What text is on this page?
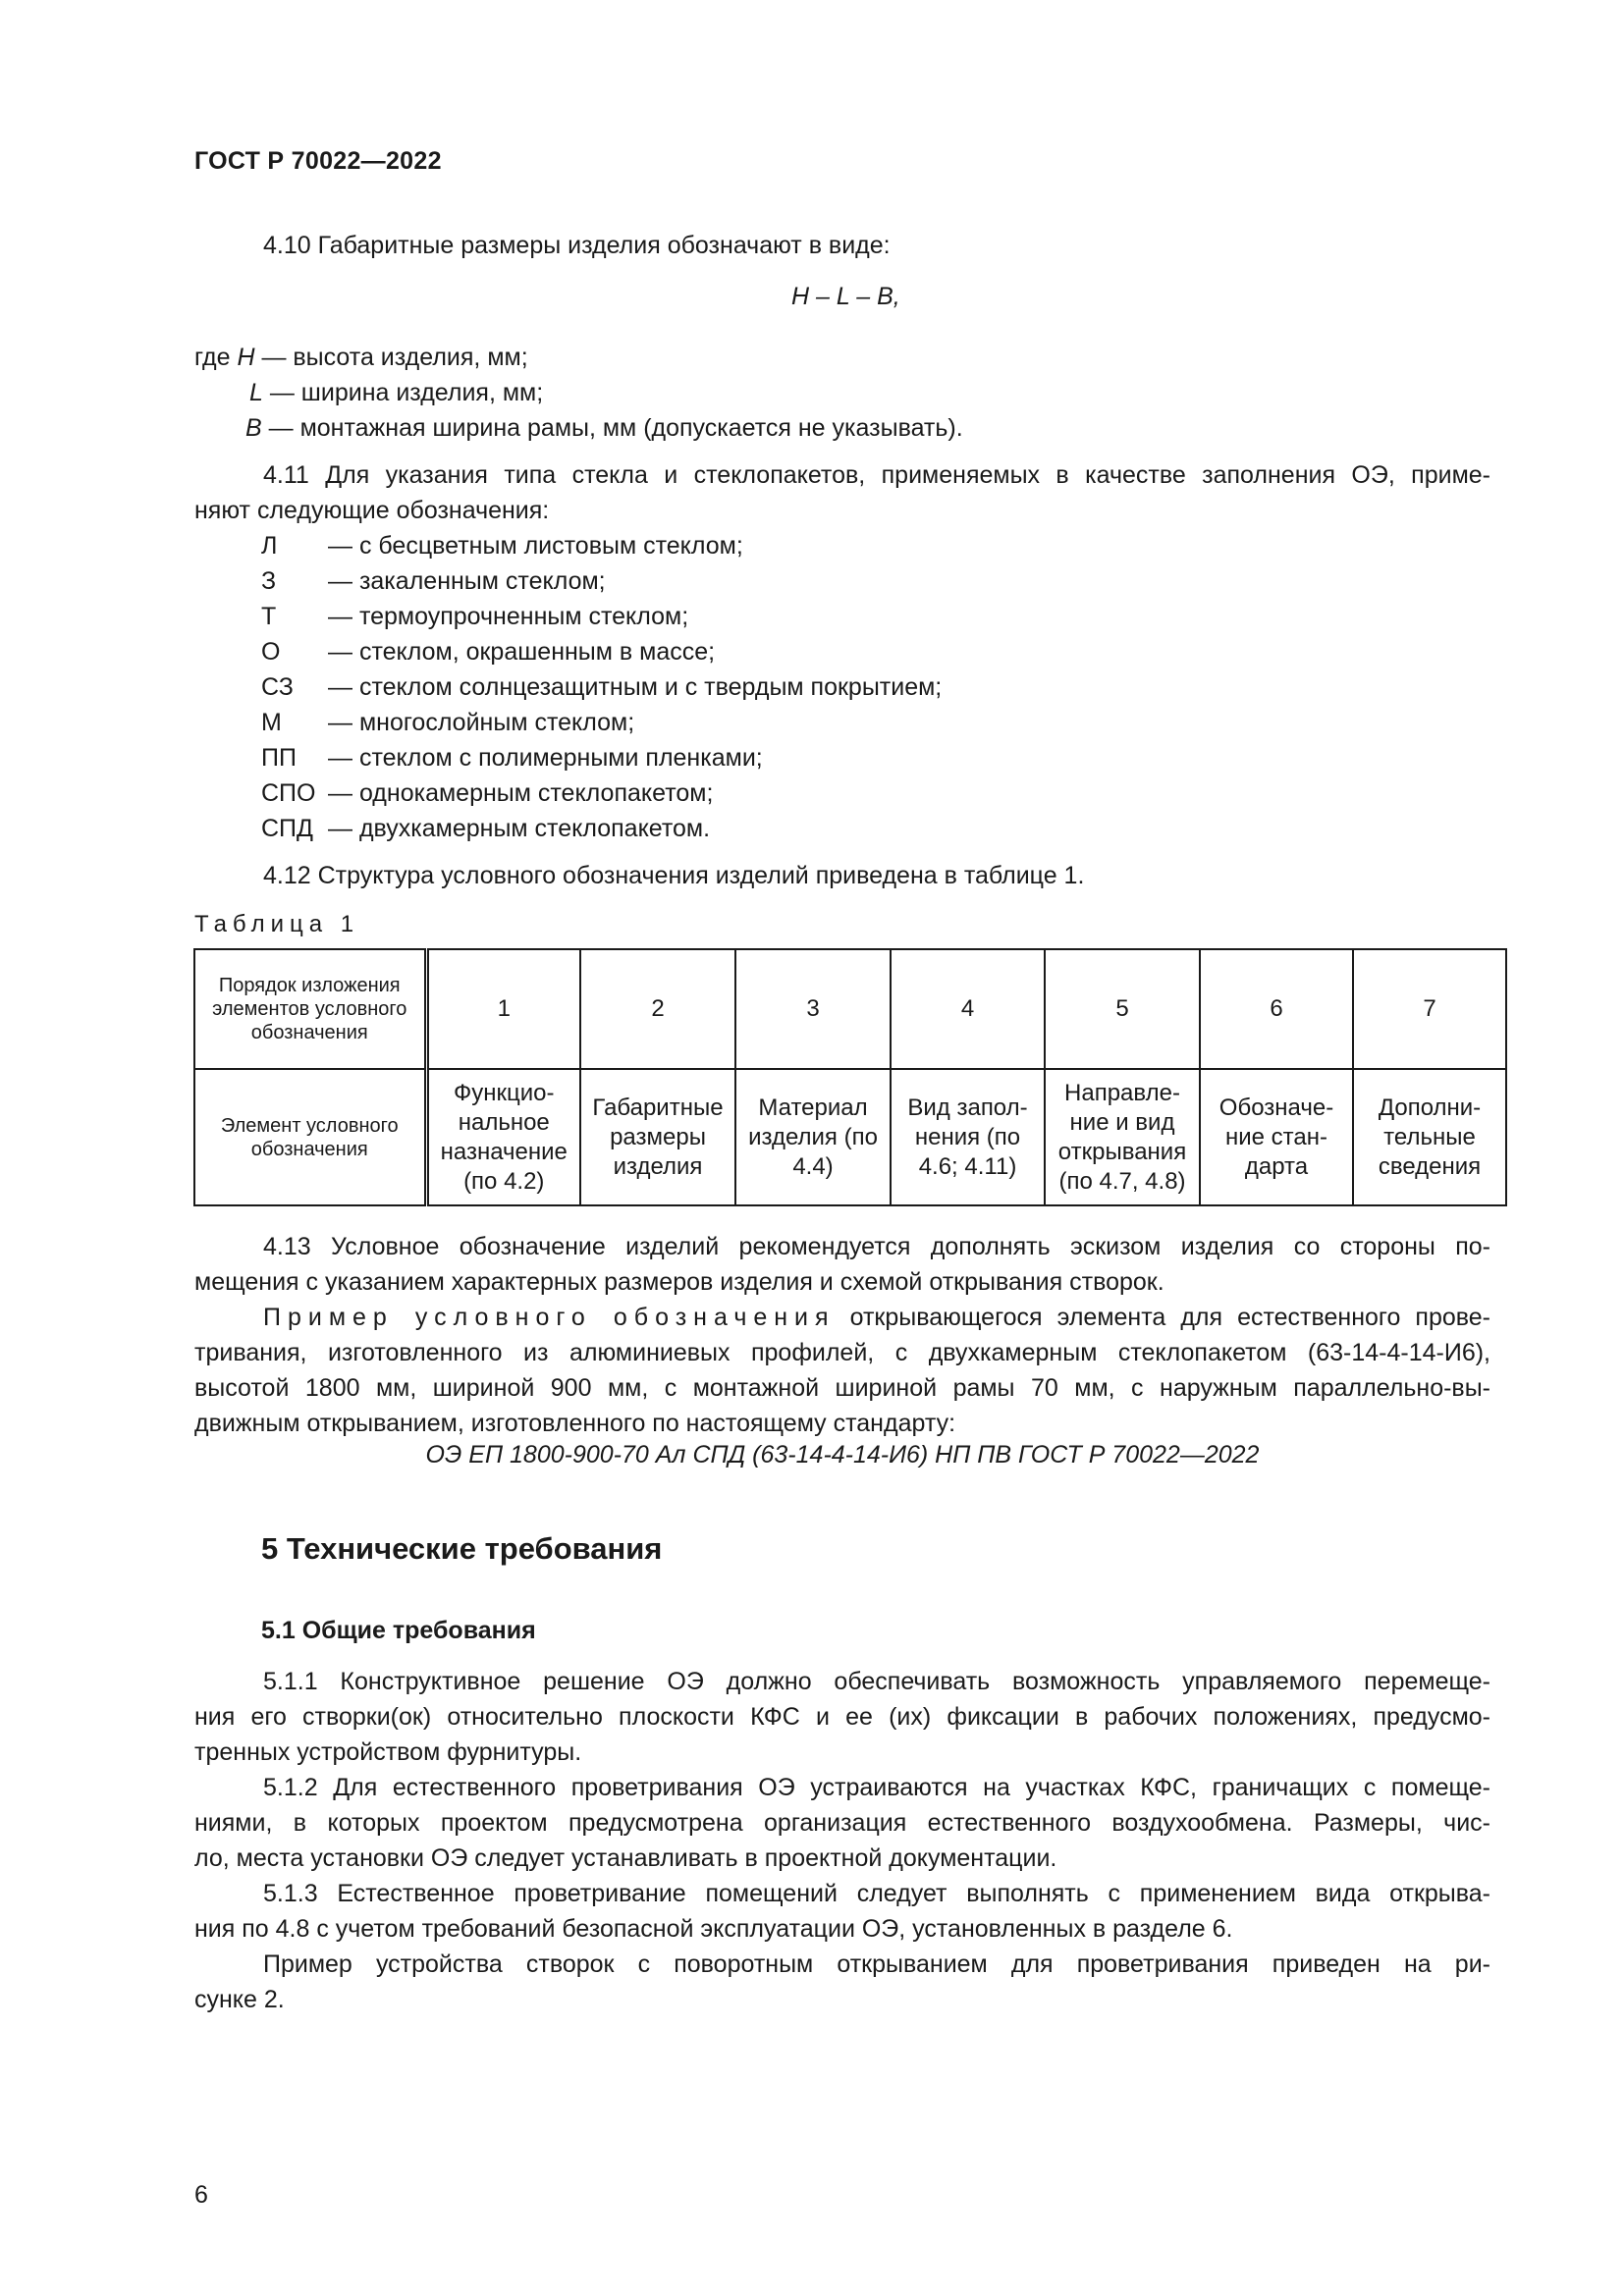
ГОСТ Р 70022—2022
4.10 Габаритные размеры изделия обозначают в виде:
H – L – B,
где H — высота изделия, мм;
L — ширина изделия, мм;
B — монтажная ширина рамы, мм (допускается не указывать).

4.11 Для указания типа стекла и стеклопакетов, применяемых в качестве заполнения ОЭ, приме-

няют следующие обозначения:

Л — с бесцветным листовым стеклом;
З — закаленным стеклом;
Т — термоупрочненным стеклом;
О — стеклом, окрашенным в массе;
СЗ — стеклом солнцезащитным и с твердым покрытием;
М — многослойным стеклом;
ПП — стеклом с полимерными пленками;
СПО — однокамерным стеклопакетом;
СПД — двухкамерным стеклопакетом.
4.12 Структура условного обозначения изделий приведена в таблице 1.
Таблица 1
Порядок изложения элементов условного обозначения	1	2	3	4	5	6	7
Элемент условного обозначения	Функцио- нальное назначение (по 4.2)	Габаритные размеры изделия	Материал изделия (по 4.4)	Вид запол- нения (по 4.6; 4.11)	Направле- ние и вид открывания (по 4.7, 4.8)	Обозначе- ние стан- дарта	Дополни- тельные сведения

4.13 Условное обозначение изделий рекомендуется дополнять эскизом изделия со стороны по-

мещения с указанием характерных размеров изделия и схемой открывания створок.

Пример условного обозначения открывающегося элемента для естественного прове-

тривания, изготовленного из алюминиевых профилей, с двухкамерным стеклопакетом (63-14-4-14-И6),

высотой 1800 мм, шириной 900 мм, с монтажной шириной рамы 70 мм, с наружным параллельно-вы-

движным открыванием, изготовленного по настоящему стандарту:

ОЭ ЕП 1800-900-70 Ал СПД (63-14-4-14-И6) НП ПВ ГОСТ Р 70022—2022
5 Технические требования
5.1 Общие требования

5.1.1 Конструктивное решение ОЭ должно обеспечивать возможность управляемого перемеще-

ния его створки(ок) относительно плоскости КФС и ее (их) фиксации в рабочих положениях, предусмо-

тренных устройством фурнитуры.

5.1.2 Для естественного проветривания ОЭ устраиваются на участках КФС, граничащих с помеще-

ниями, в которых проектом предусмотрена организация естественного воздухообмена. Размеры, чис-

ло, места установки ОЭ следует устанавливать в проектной документации.

5.1.3 Естественное проветривание помещений следует выполнять с применением вида открыва-

ния по 4.8 с учетом требований безопасной эксплуатации ОЭ, установленных в разделе 6.

Пример устройства створок с поворотным открыванием для проветривания приведен на ри-

сунке 2.

6
